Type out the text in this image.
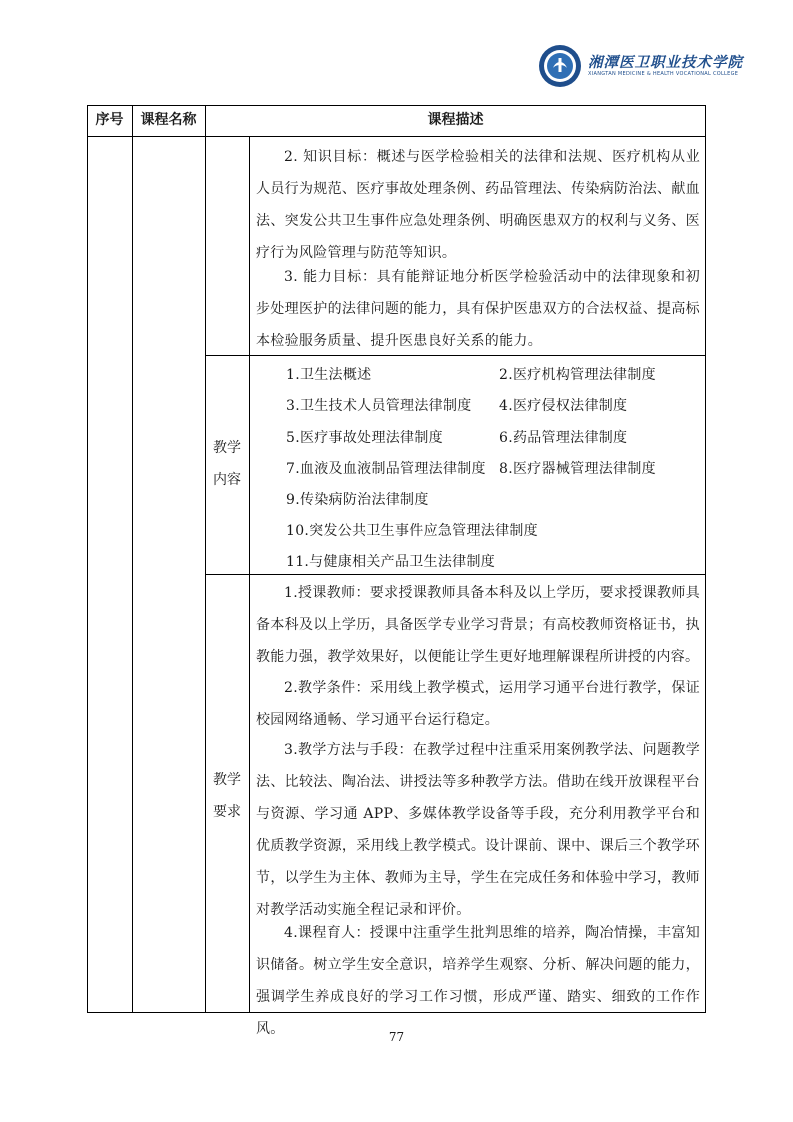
湘潭医卫职业技术学院
XIANGTAN MEDICINE & HEALTH VOCATIONAL COLLEGE
序号	课程名称	课程描述

2. 知识目标：概述与医学检验相关的法律和法规、医疗机构从业人员行为规范、医疗事故处理条例、药品管理法、传染病防治法、献血法、突发公共卫生事件应急处理条例、明确医患双方的权利与义务、医疗行为风险管理与防范等知识。

3. 能力目标：具有能辩证地分析医学检验活动中的法律现象和初步处理医护的法律问题的能力，具有保护医患双方的合法权益、提高标本检验服务质量、提升医患良好关系的能力。

教学
内容
1.卫生法概述	2.医疗机构管理法律制度
3.卫生技术人员管理法律制度 4.医疗侵权法律制度
5.医疗事故处理法律制度	6.药品管理法律制度
7.血液及血液制品管理法律制度 8.医疗器械管理法律制度
9.传染病防治法律制度
10.突发公共卫生事件应急管理法律制度
11.与健康相关产品卫生法律制度
教学
要求

1.授课教师：要求授课教师具备本科及以上学历，要求授课教师具备本科及以上学历，具备医学专业学习背景；有高校教师资格证书，执教能力强，教学效果好，以便能让学生更好地理解课程所讲授的内容。

2.教学条件：采用线上教学模式，运用学习通平台进行教学，保证校园网络通畅、学习通平台运行稳定。

3.教学方法与手段：在教学过程中注重采用案例教学法、问题教学法、比较法、陶冶法、讲授法等多种教学方法。借助在线开放课程平台与资源、学习通 APP、多媒体教学设备等手段，充分利用教学平台和优质教学资源，采用线上教学模式。设计课前、课中、课后三个教学环节，以学生为主体、教师为主导，学生在完成任务和体验中学习，教师对教学活动实施全程记录和评价。

4.课程育人：授课中注重学生批判思维的培养，陶冶情操，丰富知识储备。树立学生安全意识，培养学生观察、分析、解决问题的能力，强调学生养成良好的学习工作习惯，形成严谨、踏实、细致的工作作风。	77
